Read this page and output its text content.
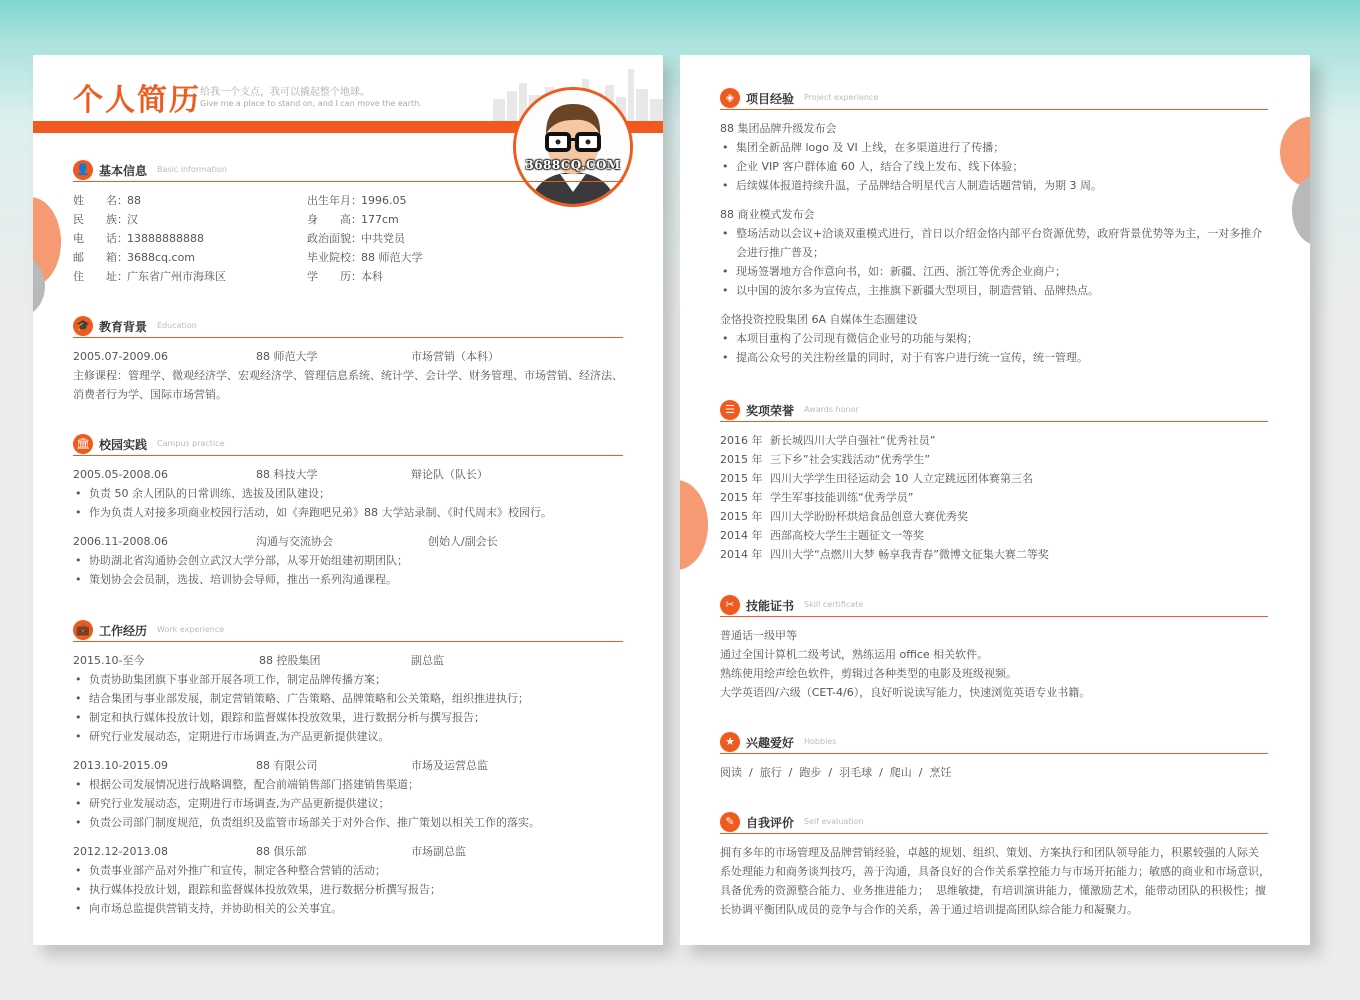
个人简历 给我一个支点，我可以撬起整个地球。
Give me a place to stand on, and I can move the earth.
3688CQ.COM
👤 基本信息 Basic information
姓　　名：88
民　　族：汉
电　　话：13888888888
邮　　箱：3688cq.com
住　　址：广东省广州市海珠区
出生年月：1996.05
身　　高：177cm
政治面貌：中共党员
毕业院校：88 师范大学
学　　历：本科
🎓 教育背景 Education
2005.07-2009.06	88 师范大学	市场营销（本科）
主修课程：管理学、微观经济学、宏观经济学、管理信息系统、统计学、会计学、财务管理、市场营销、经济法、
消费者行为学、国际市场营销。
🏛 校园实践 Campus practice
2005.05-2008.06	88 科技大学	辩论队（队长）
• 负责 50 余人团队的日常训练、选拔及团队建设；
• 作为负责人对接多项商业校园行活动，如《奔跑吧兄弟》88 大学站录制、《时代周末》校园行。
2006.11-2008.06	沟通与交流协会	创始人/副会长
• 协助湖北省沟通协会创立武汉大学分部，从零开始组建初期团队；
• 策划协会会员制，选拔、培训协会导师，推出一系列沟通课程。
💼 工作经历 Work experience
2015.10-至今	88 控股集团	副总监
• 负责协助集团旗下事业部开展各项工作，制定品牌传播方案；
• 结合集团与事业部发展，制定营销策略、广告策略、品牌策略和公关策略，组织推进执行；
• 制定和执行媒体投放计划，跟踪和监督媒体投放效果，进行数据分析与撰写报告；
• 研究行业发展动态，定期进行市场调查,为产品更新提供建议。
2013.10-2015.09	88 有限公司	市场及运营总监
• 根据公司发展情况进行战略调整，配合前端销售部门搭建销售渠道；
• 研究行业发展动态，定期进行市场调查,为产品更新提供建议；
• 负责公司部门制度规范，负责组织及监管市场部关于对外合作、推广策划以相关工作的落实。
2012.12-2013.08	88 俱乐部	市场副总监
• 负责事业部产品对外推广和宣传，制定各种整合营销的活动；
• 执行媒体投放计划，跟踪和监督媒体投放效果，进行数据分析撰写报告；
• 向市场总监提供营销支持，并协助相关的公关事宜。
◈ 项目经验 Project experience
88 集团品牌升级发布会
• 集团全新品牌 logo 及 VI 上线，在多渠道进行了传播；
• 企业 VIP 客户群体逾 60 人，结合了线上发布、线下体验；
• 后续媒体报道持续升温，子品牌结合明星代言人制造话题营销，为期 3 周。
88 商业模式发布会
• 整场活动以会议+洽谈双重模式进行，首日以介绍金恪内部平台资源优势，政府背景优势等为主，一对多推介
会进行推广普及；
• 现场签署地方合作意向书，如：新疆、江西、浙江等优秀企业商户；
• 以中国的波尔多为宣传点，主推旗下新疆大型项目，制造营销、品牌热点。
金恪投资控股集团 6A 自媒体生态圈建设
• 本项目重构了公司现有微信企业号的功能与架构；
• 提高公众号的关注粉丝量的同时，对于有客户进行统一宣传，统一管理。
☰ 奖项荣誉 Awards honor
2016 年 新长城四川大学自强社“优秀社员”
2015 年 三下乡”社会实践活动“优秀学生”
2015 年 四川大学学生田径运动会 10 人立定跳远团体赛第三名
2015 年 学生军事技能训练“优秀学员”
2015 年 四川大学盼盼杯烘焙食品创意大赛优秀奖
2014 年 西部高校大学生主题征文一等奖
2014 年 四川大学“点燃川大梦 畅享我青春”微博文征集大赛二等奖
✂ 技能证书 Skill certificate
普通话一级甲等
通过全国计算机二级考试，熟练运用 office 相关软件。
熟练使用绘声绘色软件，剪辑过各种类型的电影及班级视频。
大学英语四/六级（CET-4/6），良好听说读写能力，快速浏览英语专业书籍。
★ 兴趣爱好 Hobbies
阅读  /  旅行  /  跑步  /  羽毛球  /  爬山  /  烹饪
✎ 自我评价 Self evaluation
拥有多年的市场管理及品牌营销经验，卓越的规划、组织、策划、方案执行和团队领导能力，积累较强的人际关
系处理能力和商务谈判技巧，善于沟通，具备良好的合作关系掌控能力与市场开拓能力；敏感的商业和市场意识，
具备优秀的资源整合能力、业务推进能力；  思维敏捷，有培训演讲能力，懂激励艺术，能带动团队的积极性；擅
长协调平衡团队成员的竞争与合作的关系，善于通过培训提高团队综合能力和凝聚力。
